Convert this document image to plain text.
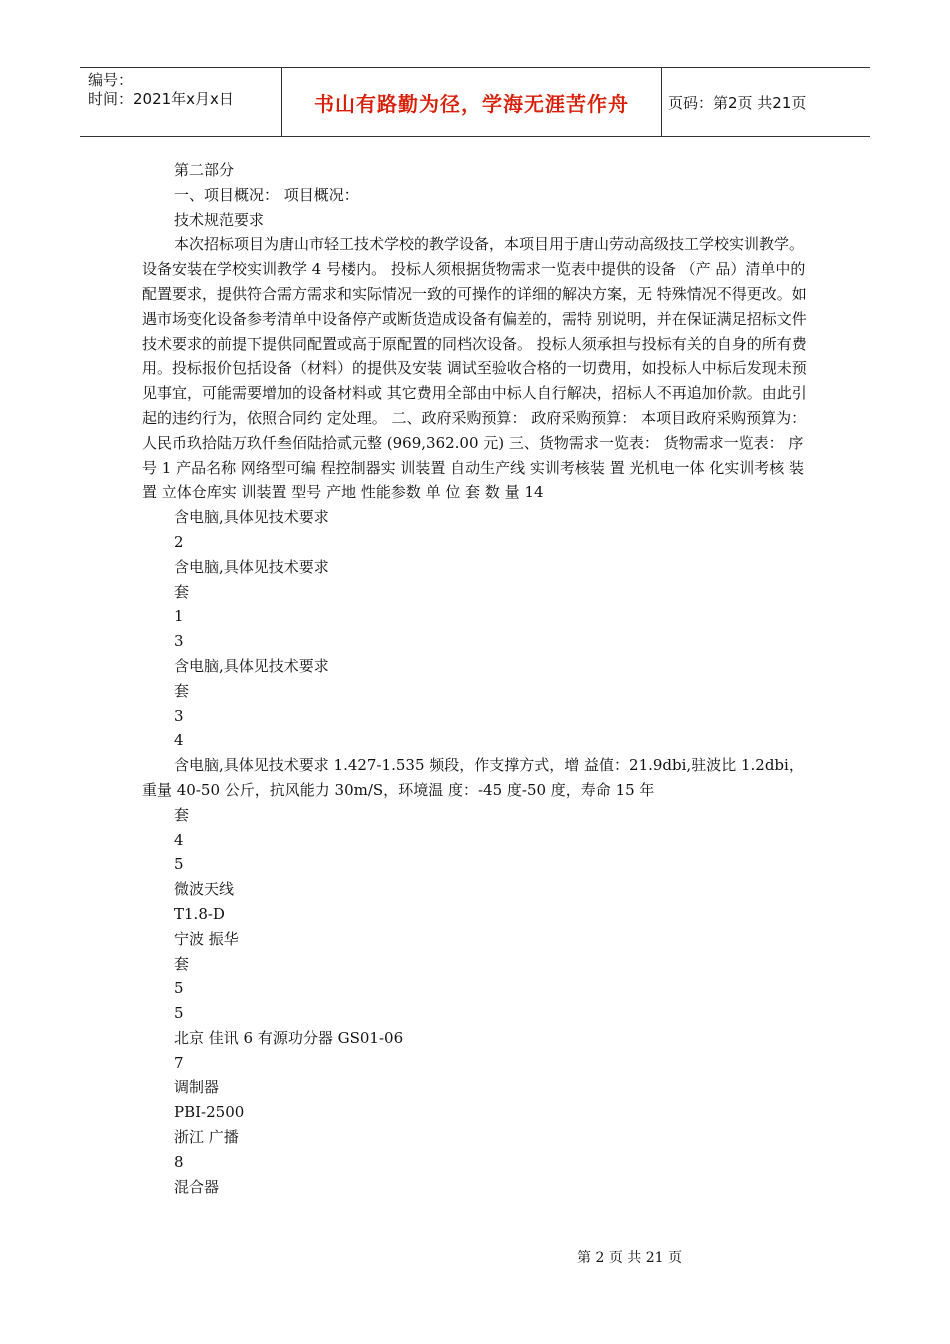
编号：
时间：2021年x月x日	书山有路勤为径，学海无涯苦作舟	页码：第2页 共21页

第二部分

一、项目概况： 项目概况：

技术规范要求

本次招标项目为唐山市轻工技术学校的教学设备，本项目用于唐山劳动高级技工学校实训教学。 设备安装在学校实训教学 4 号楼内。 投标人须根据货物需求一览表中提供的设备 （产 品）清单中的配置要求，提供符合需方需求和实际情况一致的可操作的详细的解决方案，无 特殊情况不得更改。如遇市场变化设备参考清单中设备停产或断货造成设备有偏差的，需特 别说明，并在保证满足招标文件技术要求的前提下提供同配置或高于原配置的同档次设备。 投标人须承担与投标有关的自身的所有费用。投标报价包括设备（材料）的提供及安装 调试至验收合格的一切费用，如投标人中标后发现未预见事宜，可能需要增加的设备材料或 其它费用全部由中标人自行解决，招标人不再追加价款。由此引起的违约行为，依照合同约 定处理。 二、政府采购预算： 政府采购预算： 本项目政府采购预算为：人民币玖拾陆万玖仟叁佰陆拾贰元整 (969,362.00 元) 三、货物需求一览表： 货物需求一览表： 序 号 1 产品名称 网络型可编 程控制器实 训装置 自动生产线 实训考核装 置 光机电一体 化实训考核 装置 立体仓库实 训装置 型号 产地 性能参数 单 位 套 数 量 14

含电脑,具体见技术要求

2

含电脑,具体见技术要求

套

1

3

含电脑,具体见技术要求

套

3

4

含电脑,具体见技术要求 1.427-1.535 频段，作支撑方式，增 益值：21.9dbi,驻波比 1.2dbi，重量 40-50 公斤，抗风能力 30m/S，环境温 度：-45 度-50 度，寿命 15 年

套

4

5

微波天线

T1.8-D

宁波 振华

套

5

5

北京 佳讯 6 有源功分器 GS01-06

7

调制器

PBI-2500

浙江 广播

8

混合器

第 2 页 共 21 页
